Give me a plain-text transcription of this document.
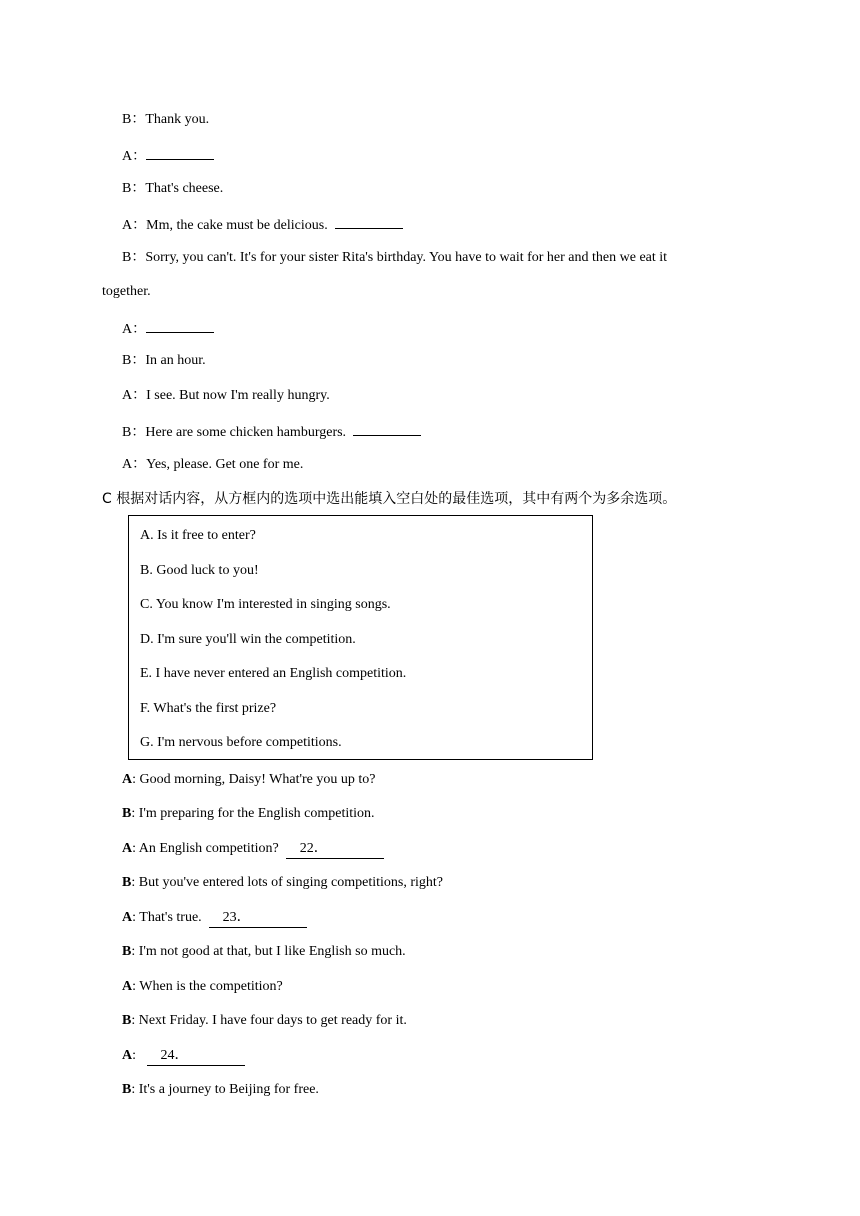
B：Thank you.
A：
B：That's cheese.
A：Mm, the cake must be delicious.
B：Sorry, you can't. It's for your sister Rita's birthday. You have to wait for her and then we eat it
together.
A：
B：In an hour.
A：I see. But now I'm really hungry.
B：Here are some chicken hamburgers.
A：Yes, please. Get one for me.
C 根据对话内容，从方框内的选项中选出能填入空白处的最佳选项，其中有两个为多余选项。
A. Is it free to enter?
B. Good luck to you!
C. You know I'm interested in singing songs.
D. I'm sure you'll win the competition.
E. I have never entered an English competition.
F. What's the first prize?
G. I'm nervous before competitions.
A: Good morning, Daisy! What're you up to?
B: I'm preparing for the English competition.
A: An English competition? 22．
B: But you've entered lots of singing competitions, right?
A: That's true. 23．
B: I'm not good at that, but I like English so much.
A: When is the competition?
B: Next Friday. I have four days to get ready for it.
A: 24．
B: It's a journey to Beijing for free.
